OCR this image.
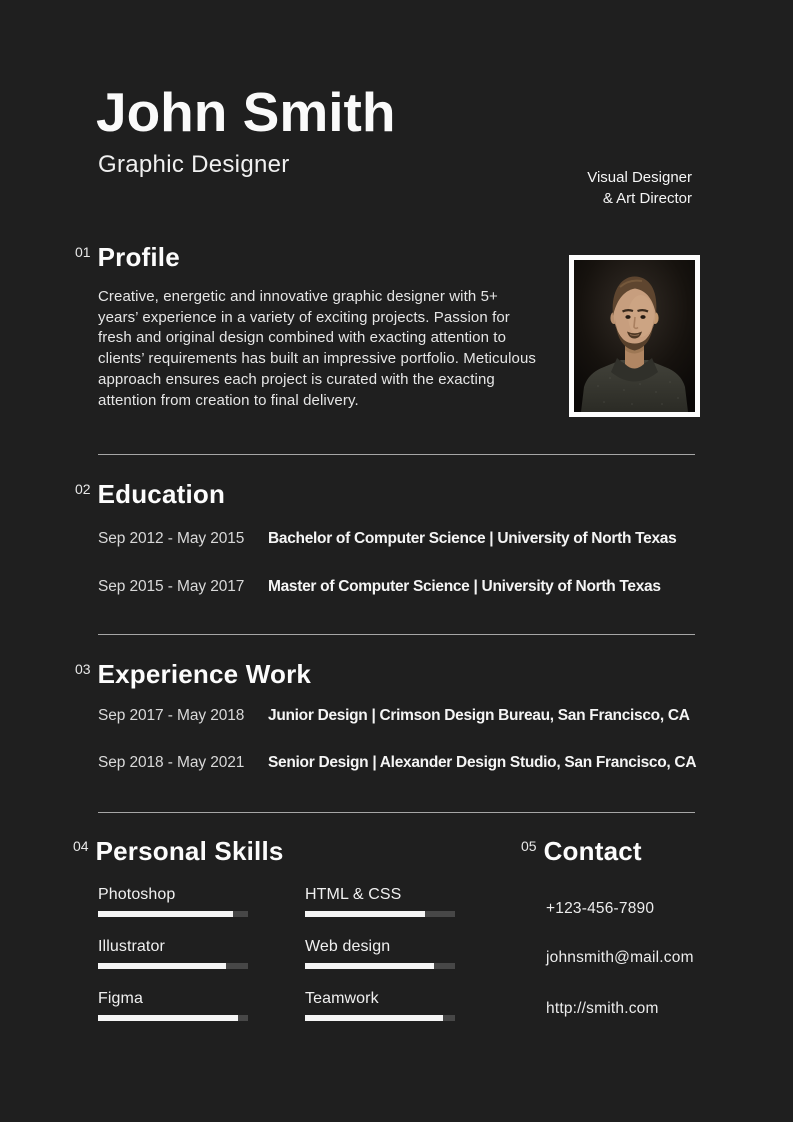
John Smith
Graphic Designer	Visual Designer
& Art Director
01 Profile
Creative, energetic and innovative graphic designer with 5+ years’ experience in a variety of exciting projects. Passion for fresh and original design combined with exacting attention to clients’ requirements has built an impressive portfolio. Meticulous approach ensures each project is curated with the exacting attention from creation to final delivery.
02 Education
Sep 2012 - May 2015	Bachelor of Computer Science | University of North Texas
Sep 2015 - May 2017	Master of Computer Science | University of North Texas
03 Experience Work
Sep 2017 - May 2018	Junior Design | Crimson Design Bureau, San Francisco, CA
Sep 2018 - May 2021	Senior Design | Alexander Design Studio, San Francisco, CA
04 Personal Skills
Photoshop
Illustrator
Figma
HTML & CSS
Web design
Teamwork
05 Contact
+123-456-7890
johnsmith@mail.com
http://smith.com
